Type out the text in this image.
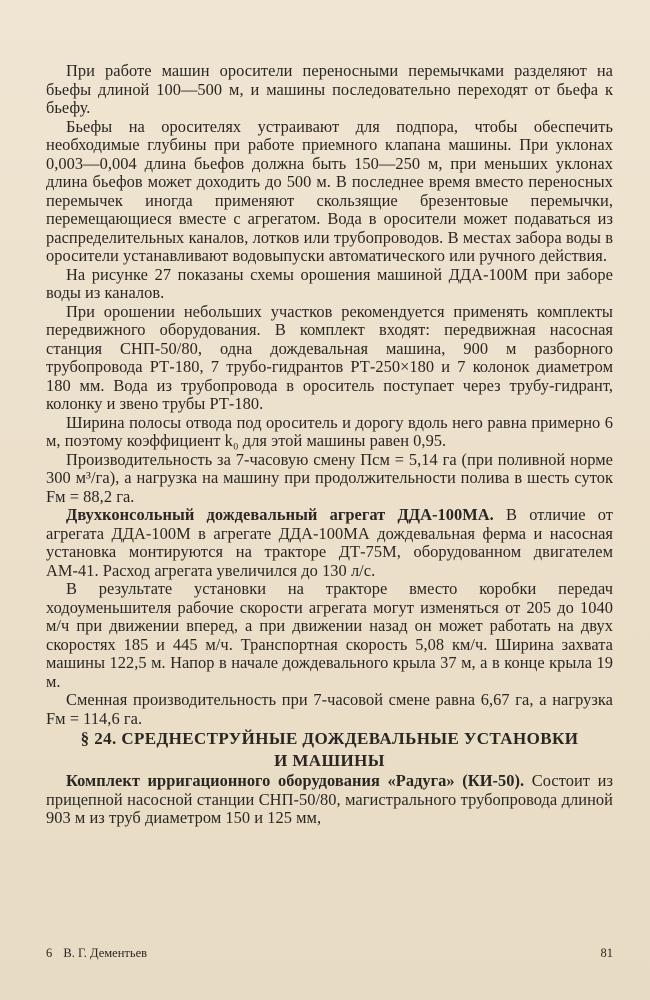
При работе машин оросители переносными перемычками разделяют на бьефы длиной 100—500 м, и машины последовательно переходят от бьефа к бьефу.

Бьефы на оросителях устраивают для подпора, чтобы обеспечить необходимые глубины при работе приемного клапана машины. При уклонах 0,003—0,004 длина бьефов должна быть 150—250 м, при меньших уклонах длина бьефов может доходить до 500 м. В последнее время вместо переносных перемычек иногда применяют скользящие брезентовые перемычки, перемещающиеся вместе с агрегатом. Вода в оросители может подаваться из распределительных каналов, лотков или трубопроводов. В местах забора воды в оросители устанавливают водовыпуски автоматического или ручного действия.

На рисунке 27 показаны схемы орошения машиной ДДА-100М при заборе воды из каналов.

При орошении небольших участков рекомендуется применять комплекты передвижного оборудования. В комплект входят: передвижная насосная станция СНП-50/80, одна дождевальная машина, 900 м разборного трубопровода РТ-180, 7 трубо-гидрантов РТ-250×180 и 7 колонок диаметром 180 мм. Вода из трубопровода в ороситель поступает через трубу-гидрант, колонку и звено трубы РТ-180.

Ширина полосы отвода под ороситель и дорогу вдоль него равна примерно 6 м, поэтому коэффициент k₀ для этой машины равен 0,95.

Производительность за 7-часовую смену Псм = 5,14 га (при поливной норме 300 м³/га), а нагрузка на машину при продолжительности полива в шесть суток Fм = 88,2 га.

Двухконсольный дождевальный агрегат ДДА-100МА. В отличие от агрегата ДДА-100М в агрегате ДДА-100МА дождевальная ферма и насосная установка монтируются на тракторе ДТ-75М, оборудованном двигателем АМ-41. Расход агрегата увеличился до 130 л/с.

В результате установки на тракторе вместо коробки передач ходоуменьшителя рабочие скорости агрегата могут изменяться от 205 до 1040 м/ч при движении вперед, а при движении назад он может работать на двух скоростях 185 и 445 м/ч. Транспортная скорость 5,08 км/ч. Ширина захвата машины 122,5 м. Напор в начале дождевального крыла 37 м, а в конце крыла 19 м.

Сменная производительность при 7-часовой смене равна 6,67 га, а нагрузка Fм = 114,6 га.

§ 24. СРЕДНЕСТРУЙНЫЕ ДОЖДЕВАЛЬНЫЕ УСТАНОВКИ
И МАШИНЫ

Комплект ирригационного оборудования «Радуга» (КИ-50). Состоит из прицепной насосной станции СНП-50/80, магистрального трубопровода длиной 903 м из труб диаметром 150 и 125 мм,

6 В. Г. Дементьев	81
